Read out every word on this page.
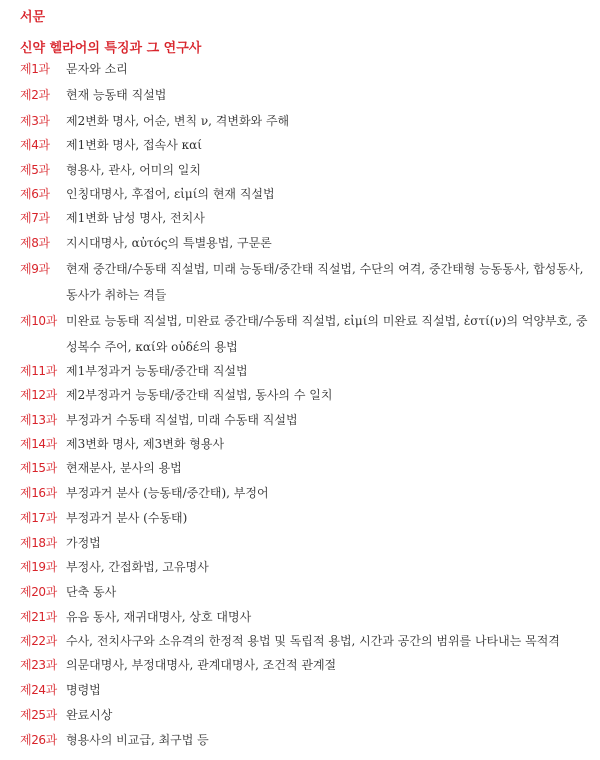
서문
신약 헬라어의 특징과 그 연구사
제1과	문자와 소리
제2과	현재 능동태 직설법
제3과	제2변화 명사, 어순, 변칙 ν, 격변화와 주해
제4과	제1변화 명사, 접속사 καί
제5과	형용사, 관사, 어미의 일치
제6과	인칭대명사, 후접어, εἰμί의 현재 직설법
제7과	제1변화 남성 명사, 전치사
제8과	지시대명사, αὐτός의 특별용법, 구문론
제9과	현재 중간태/수동태 직설법, 미래 능동태/중간태 직설법, 수단의 여격, 중간태형 능동동사, 합성동사, 동사가 취하는 격들
제10과 미완료 능동태 직설법, 미완료 중간태/수동태 직설법, εἰμί의 미완료 직설법, ἐστί(ν)의 억양부호, 중성복수 주어, καί와 οὐδέ의 용법
제11과 제1부정과거 능동태/중간태 직설법
제12과 제2부정과거 능동태/중간태 직설법, 동사의 수 일치
제13과 부정과거 수동태 직설법, 미래 수동태 직설법
제14과 제3변화 명사, 제3변화 형용사
제15과 현재분사, 분사의 용법
제16과 부정과거 분사 (능동태/중간태), 부정어
제17과 부정과거 분사 (수동태)
제18과 가정법
제19과 부정사, 간접화법, 고유명사
제20과 단축 동사
제21과 유음 동사, 재귀대명사, 상호 대명사
제22과 수사, 전치사구와 소유격의 한정적 용법 및 독립적 용법, 시간과 공간의 범위를 나타내는 목적격
제23과 의문대명사, 부정대명사, 관계대명사, 조건적 관계절
제24과 명령법
제25과 완료시상
제26과 형용사의 비교급, 최구법 등
